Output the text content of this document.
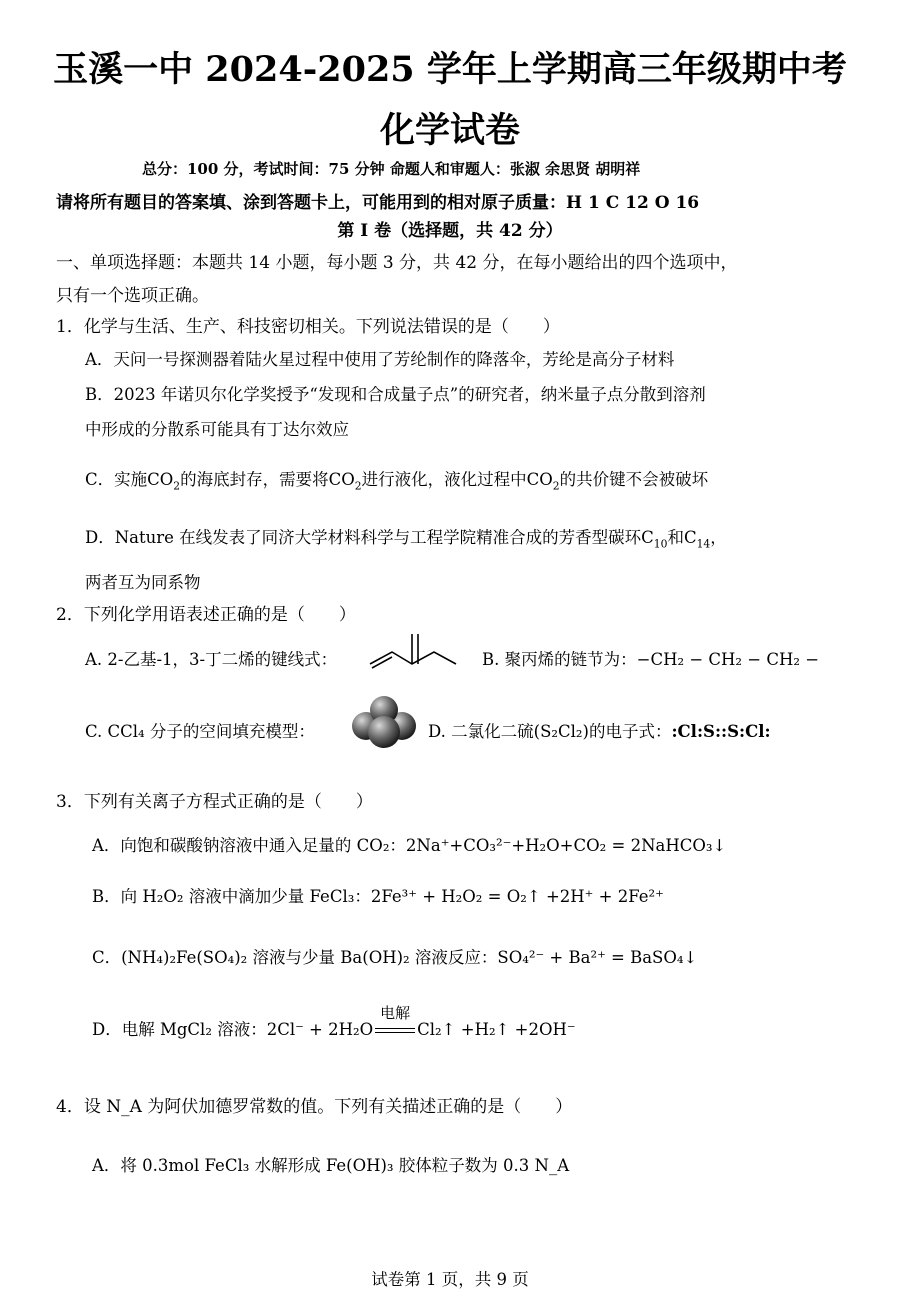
玉溪一中 2024-2025 学年上学期高三年级期中考
化学试卷
总分：100 分，考试时间：75 分钟 命题人和审题人：张淑 余思贤 胡明祥
请将所有题目的答案填、涂到答题卡上，可能用到的相对原子质量：H 1 C 12 O 16
第 I 卷（选择题，共 42 分）
一、单项选择题：本题共 14 小题，每小题 3 分，共 42 分，在每小题给出的四个选项中，
只有一个选项正确。
1．化学与生活、生产、科技密切相关。下列说法错误的是（　　）
A．天问一号探测器着陆火星过程中使用了芳纶制作的降落伞，芳纶是高分子材料
B．2023 年诺贝尔化学奖授予“发现和合成量子点”的研究者，纳米量子点分散到溶剂
中形成的分散系可能具有丁达尔效应
C．实施$CO_2$的海底封存，需要将$CO_2$进行液化，液化过程中$CO_2$的共价键不会被破坏
D．Nature 在线发表了同济大学材料科学与工程学院精准合成的芳香型碳环$C_{10}$和$C_{14}$，
两者互为同系物
2．下列化学用语表述正确的是（　　）
A. 2-乙基-1，3-丁二烯的键线式：	B. 聚丙烯的链节为：−CH₂ − CH₂ − CH₂ −
C. CCl₄ 分子的空间填充模型：	D. 二氯化二硫(S₂Cl₂)的电子式：:Cl:S::S:Cl:
3．下列有关离子方程式正确的是（　　）
A．向饱和碳酸钠溶液中通入足量的 CO₂：2Na⁺+CO₃²⁻+H₂O+CO₂ = 2NaHCO₃↓
B．向 H₂O₂ 溶液中滴加少量 FeCl₃：2Fe³⁺ + H₂O₂ = O₂↑ +2H⁺ + 2Fe²⁺
C．(NH₄)₂Fe(SO₄)₂ 溶液与少量 Ba(OH)₂ 溶液反应：SO₄²⁻ + Ba²⁺ = BaSO₄↓
D．电解 MgCl₂ 溶液：2Cl⁻ + 2H₂O
电解
Cl₂↑ +H₂↑ +2OH⁻
4．设 N_A 为阿伏加德罗常数的值。下列有关描述正确的是（　　）
A．将 0.3mol FeCl₃ 水解形成 Fe(OH)₃ 胶体粒子数为 0.3 N_A
试卷第 1 页，共 9 页
